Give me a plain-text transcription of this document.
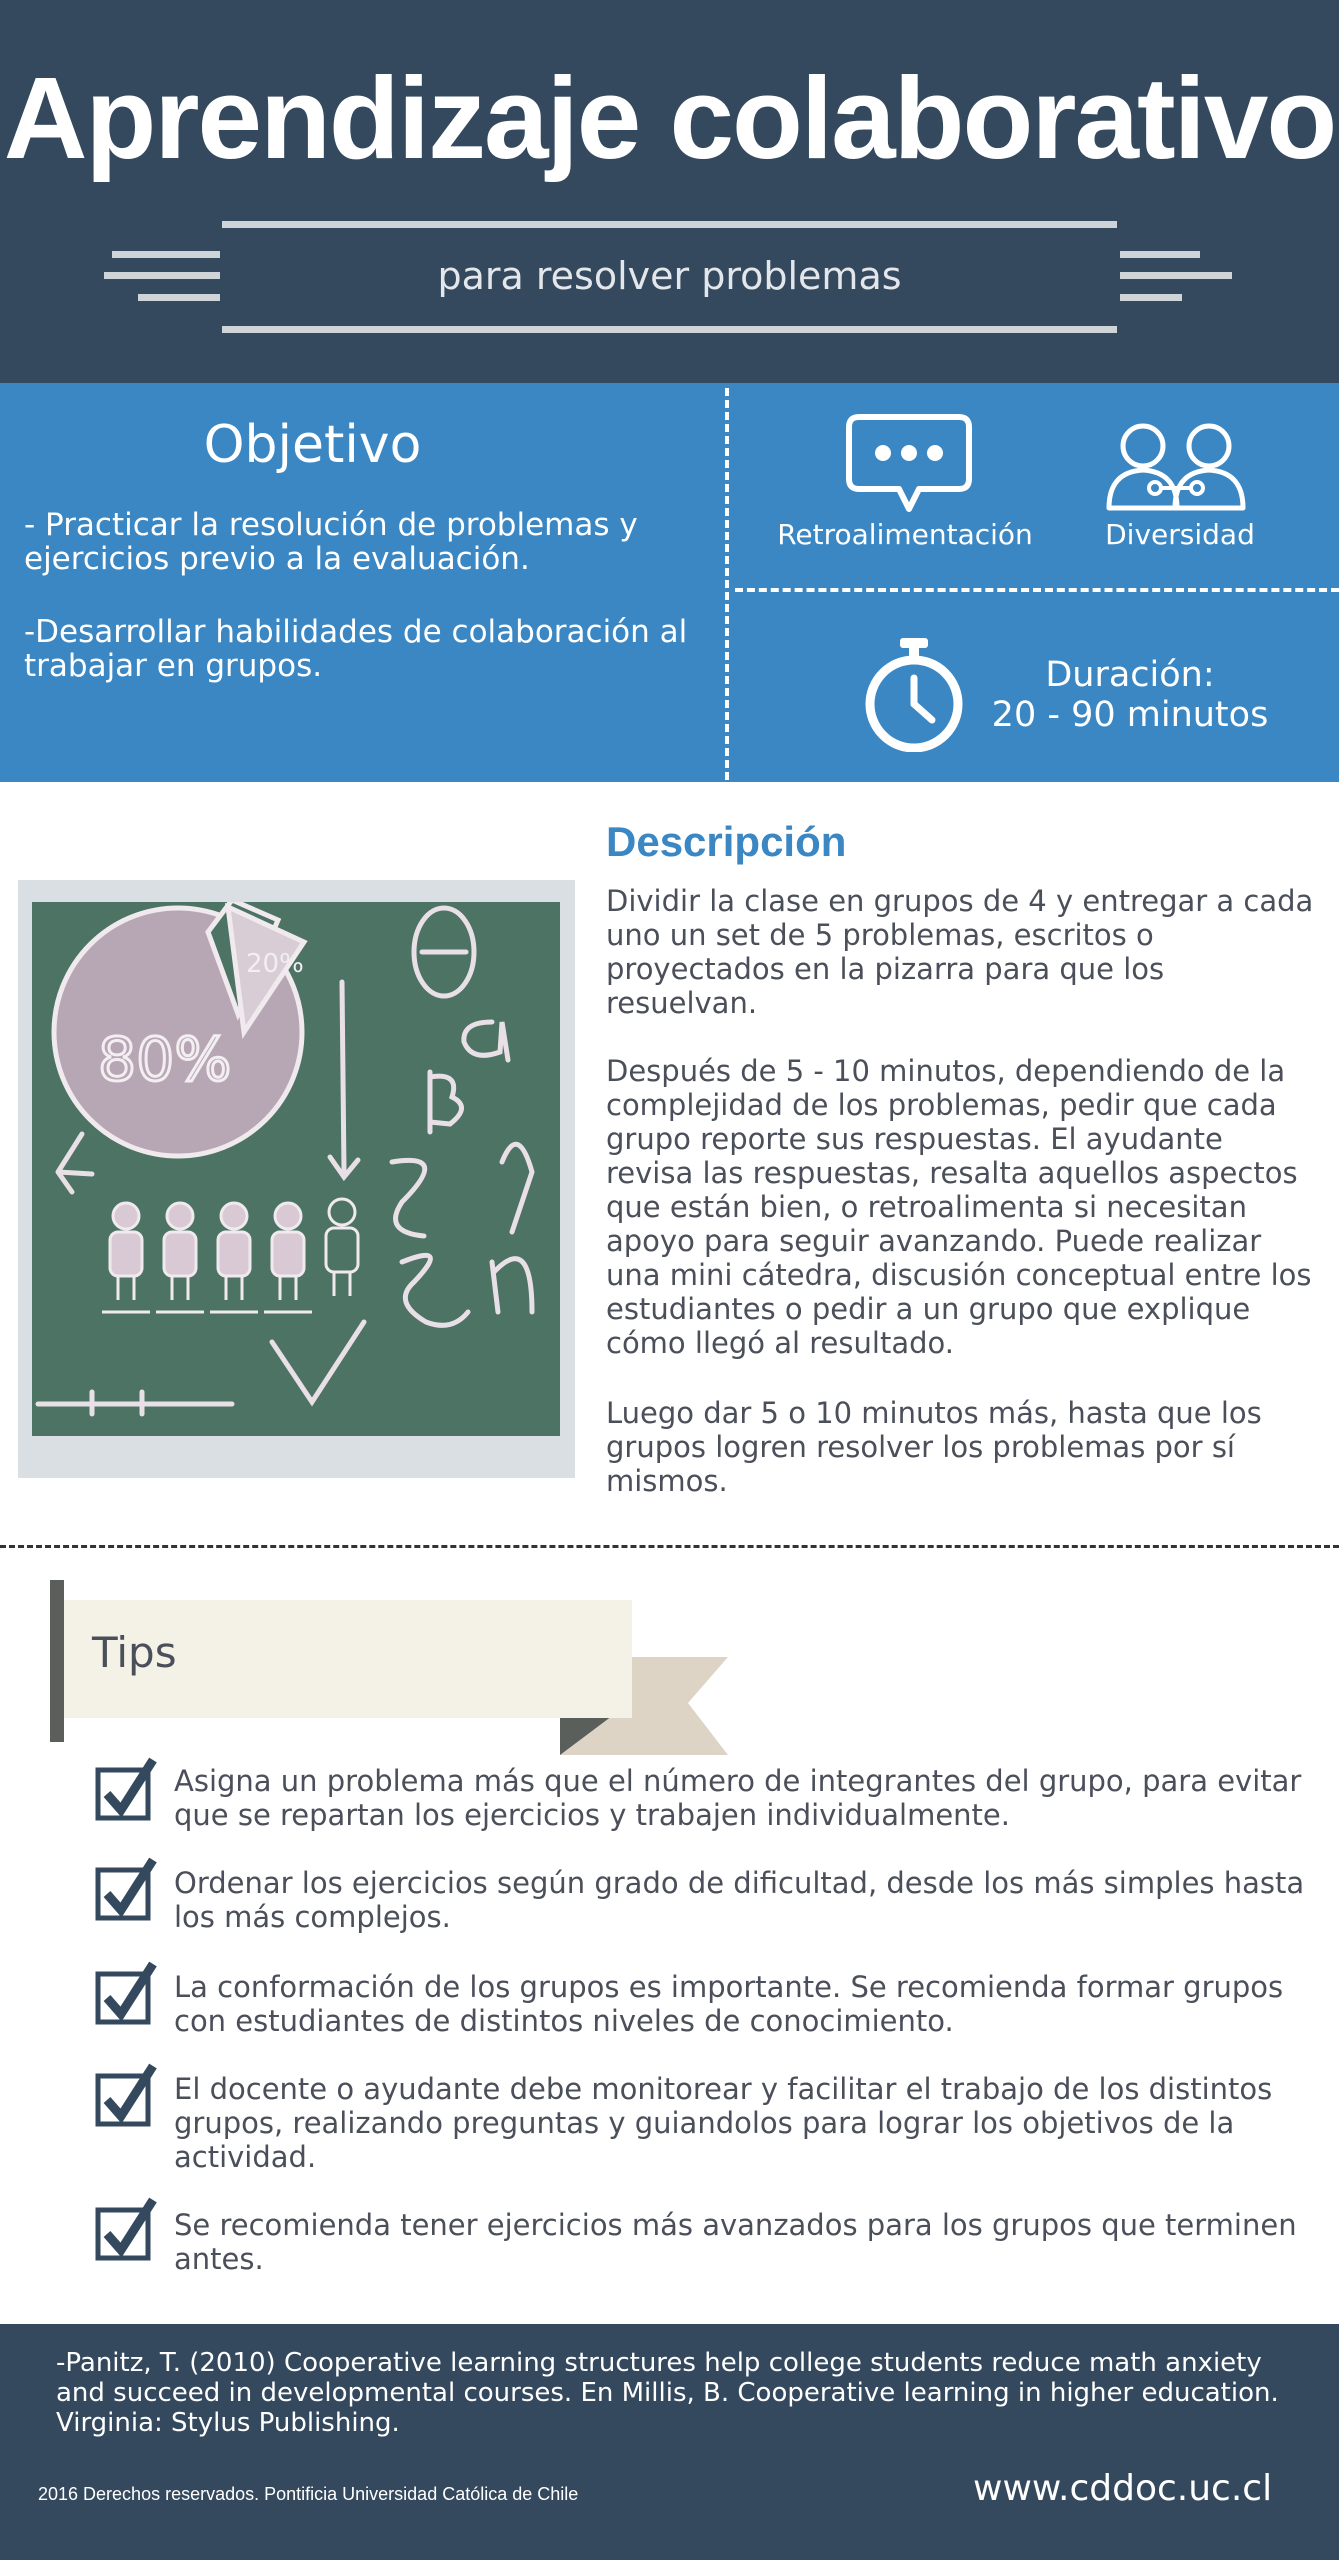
Aprendizaje colaborativo
para resolver problemas
Objetivo
- Practicar la resolución de problemas y ejercicios previo a la evaluación.
-Desarrollar habilidades de colaboración al trabajar en grupos.
Retroalimentación	Diversidad
Duración:
20 - 90 minutos
80%
20%
Descripción
Dividir la clase en grupos de 4 y entregar a cada uno un set de 5 problemas, escritos o proyectados en la pizarra para que los resuelvan.
Después de 5 - 10 minutos, dependiendo de la complejidad de los problemas, pedir que cada grupo reporte sus respuestas. El ayudante revisa las respuestas, resalta aquellos aspectos que están bien, o retroalimenta si necesitan apoyo para seguir avanzando. Puede realizar una mini cátedra, discusión conceptual entre los estudiantes o pedir a un grupo que explique cómo llegó al resultado.
Luego dar 5 o 10 minutos más, hasta que los grupos logren resolver los problemas por sí mismos.
Tips
Asigna un problema más que el número de integrantes del grupo, para evitar que se repartan los ejercicios y trabajen individualmente.
Ordenar los ejercicios según grado de dificultad, desde los más simples hasta los más complejos.
La conformación de los grupos es importante. Se recomienda formar grupos con estudiantes de distintos niveles de conocimiento.
El docente o ayudante debe monitorear y facilitar el trabajo de los distintos grupos, realizando preguntas y guiandolos para lograr los objetivos de la actividad.
Se recomienda tener ejercicios más avanzados para los grupos que terminen antes.
-Panitz, T. (2010) Cooperative learning structures help college students reduce math anxiety and succeed in developmental courses. En Millis, B. Cooperative learning in higher education. Virginia: Stylus Publishing.
2016 Derechos reservados. Pontificia Universidad Católica de Chile	www.cddoc.uc.cl
